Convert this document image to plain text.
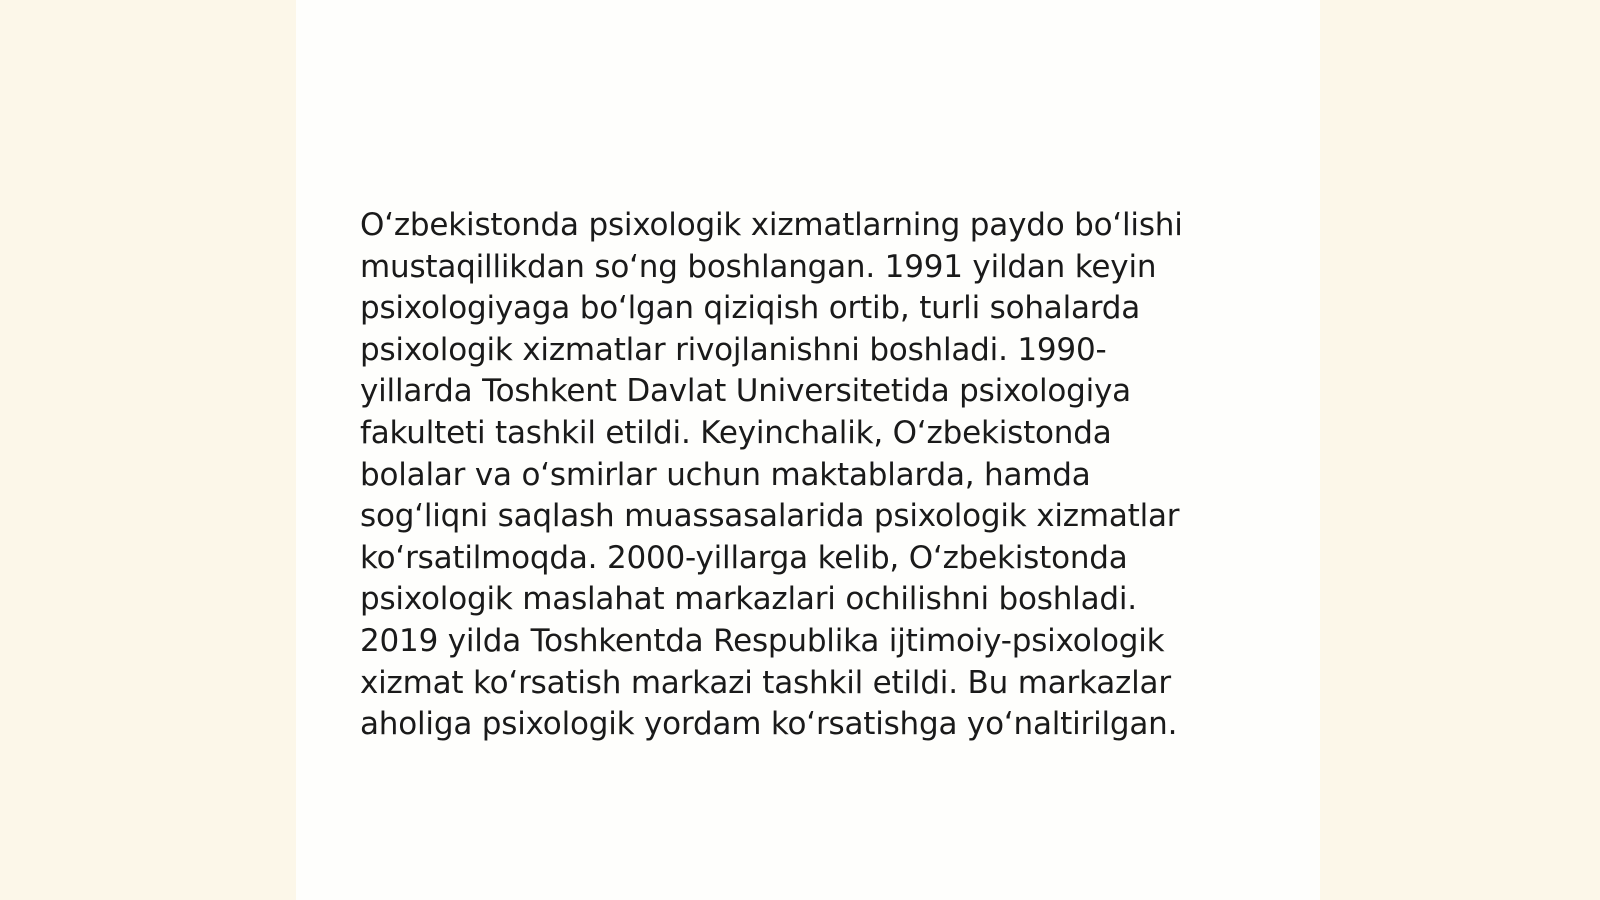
O‘zbekistonda psixologik xizmatlarning paydo bo‘lishi
mustaqillikdan so‘ng boshlangan. 1991 yildan keyin
psixologiyaga bo‘lgan qiziqish ortib, turli sohalarda
psixologik xizmatlar rivojlanishni boshladi. 1990-
yillarda Toshkent Davlat Universitetida psixologiya
fakulteti tashkil etildi. Keyinchalik, O‘zbekistonda
bolalar va o‘smirlar uchun maktablarda, hamda
sog‘liqni saqlash muassasalarida psixologik xizmatlar
ko‘rsatilmoqda. 2000-yillarga kelib, O‘zbekistonda
psixologik maslahat markazlari ochilishni boshladi.
2019 yilda Toshkentda Respublika ijtimoiy-psixologik
xizmat ko‘rsatish markazi tashkil etildi. Bu markazlar
aholiga psixologik yordam ko‘rsatishga yo‘naltirilgan.
